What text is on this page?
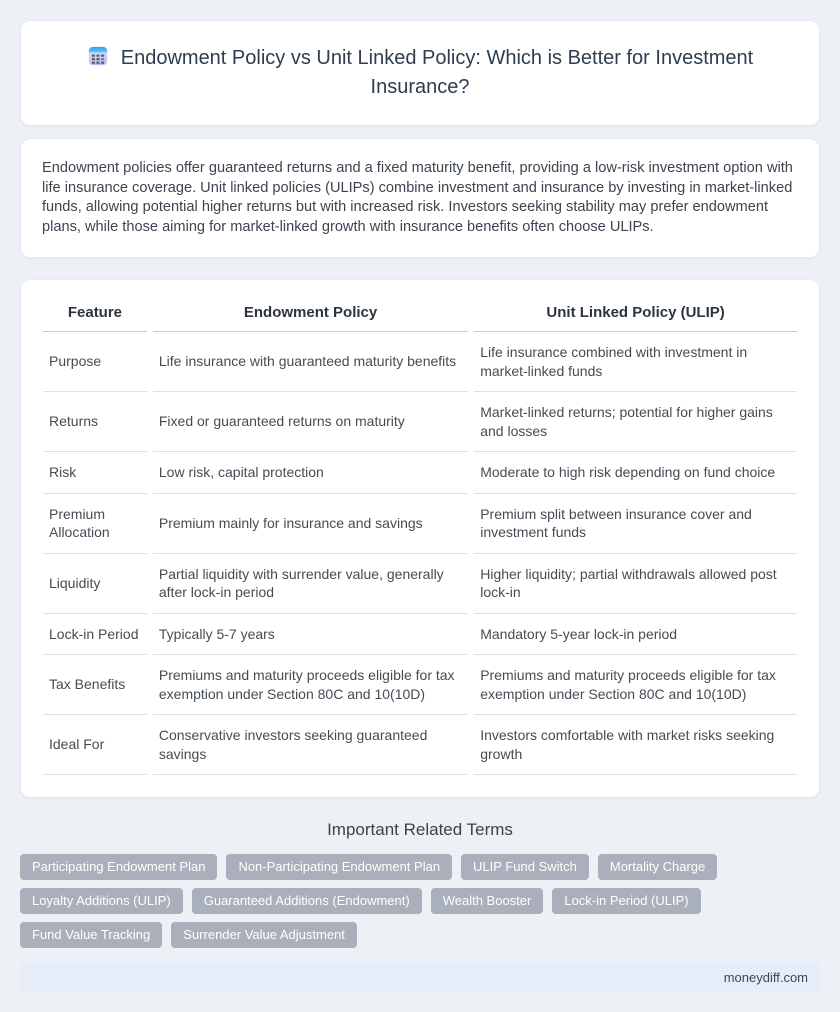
Endowment Policy vs Unit Linked Policy: Which is Better for Investment Insurance?

Endowment policies offer guaranteed returns and a fixed maturity benefit, providing a low-risk investment option with life insurance coverage. Unit linked policies (ULIPs) combine investment and insurance by investing in market-linked funds, allowing potential higher returns but with increased risk. Investors seeking stability may prefer endowment plans, while those aiming for market-linked growth with insurance benefits often choose ULIPs.

Feature	Endowment Policy	Unit Linked Policy (ULIP)
Purpose	Life insurance with guaranteed maturity benefits	Life insurance combined with investment in market-linked funds
Returns	Fixed or guaranteed returns on maturity	Market-linked returns; potential for higher gains and losses
Risk	Low risk, capital protection	Moderate to high risk depending on fund choice
Premium Allocation	Premium mainly for insurance and savings	Premium split between insurance cover and investment funds
Liquidity	Partial liquidity with surrender value, generally after lock-in period	Higher liquidity; partial withdrawals allowed post lock-in
Lock-in Period	Typically 5-7 years	Mandatory 5-year lock-in period
Tax Benefits	Premiums and maturity proceeds eligible for tax exemption under Section 80C and 10(10D)	Premiums and maturity proceeds eligible for tax exemption under Section 80C and 10(10D)
Ideal For	Conservative investors seeking guaranteed savings	Investors comfortable with market risks seeking growth
Important Related Terms
Participating Endowment Plan	Non-Participating Endowment Plan	ULIP Fund Switch	Mortality Charge
Loyalty Additions (ULIP)	Guaranteed Additions (Endowment)	Wealth Booster	Lock-in Period (ULIP)
Fund Value Tracking	Surrender Value Adjustment
moneydiff.com
